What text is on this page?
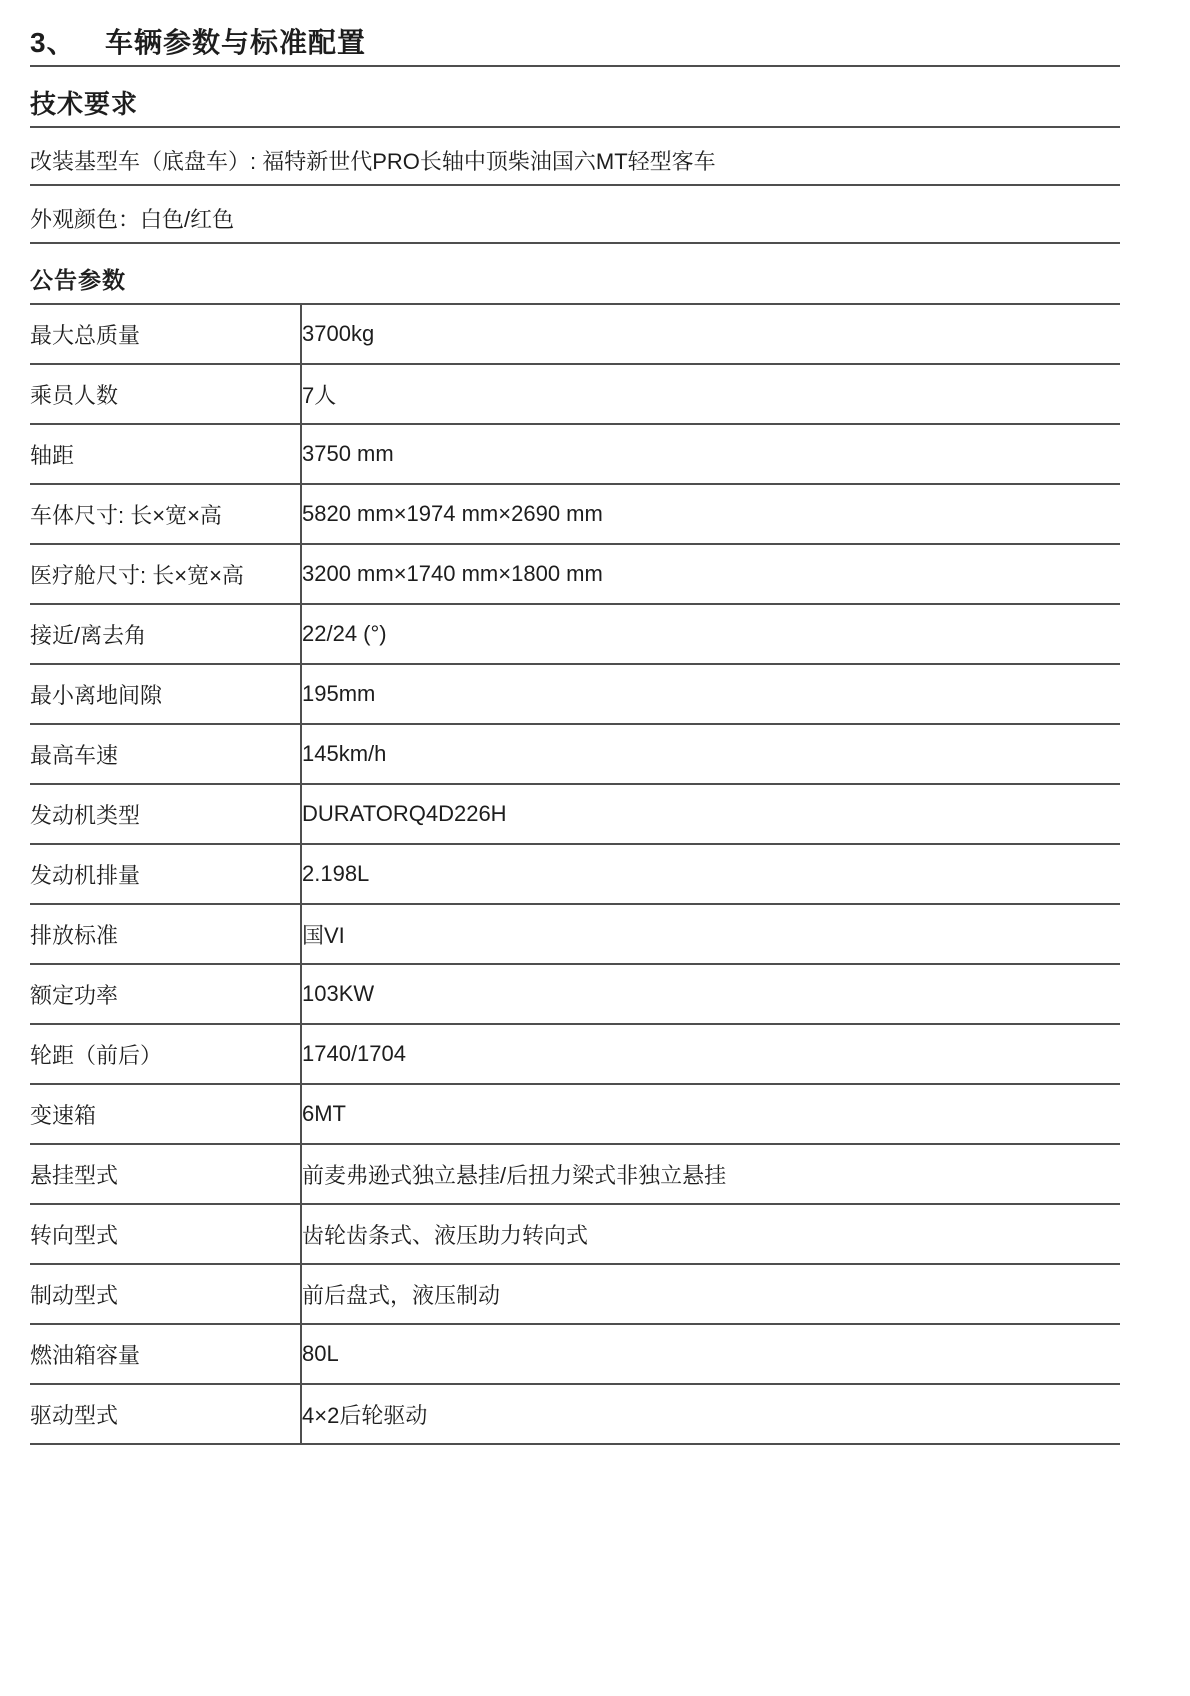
3、	车辆参数与标准配置
技术要求
改装基型车（底盘车）: 福特新世代PRO长轴中顶柴油国六MT轻型客车
外观颜色：白色/红色
公告参数
最大总质量	3700kg
乘员人数	7人
轴距	3750 mm
车体尺寸: 长×宽×高	5820 mm×1974 mm×2690 mm
医疗舱尺寸: 长×宽×高	3200 mm×1740 mm×1800 mm
接近/离去角	22/24 (°)
最小离地间隙	195mm
最高车速	145km/h
发动机类型	DURATORQ4D226H
发动机排量	2.198L
排放标准	国VI
额定功率	103KW
轮距（前后）	1740/1704
变速箱	6MT
悬挂型式	前麦弗逊式独立悬挂/后扭力梁式非独立悬挂
转向型式	齿轮齿条式、液压助力转向式
制动型式	前后盘式，液压制动
燃油箱容量	80L
驱动型式	4×2后轮驱动
